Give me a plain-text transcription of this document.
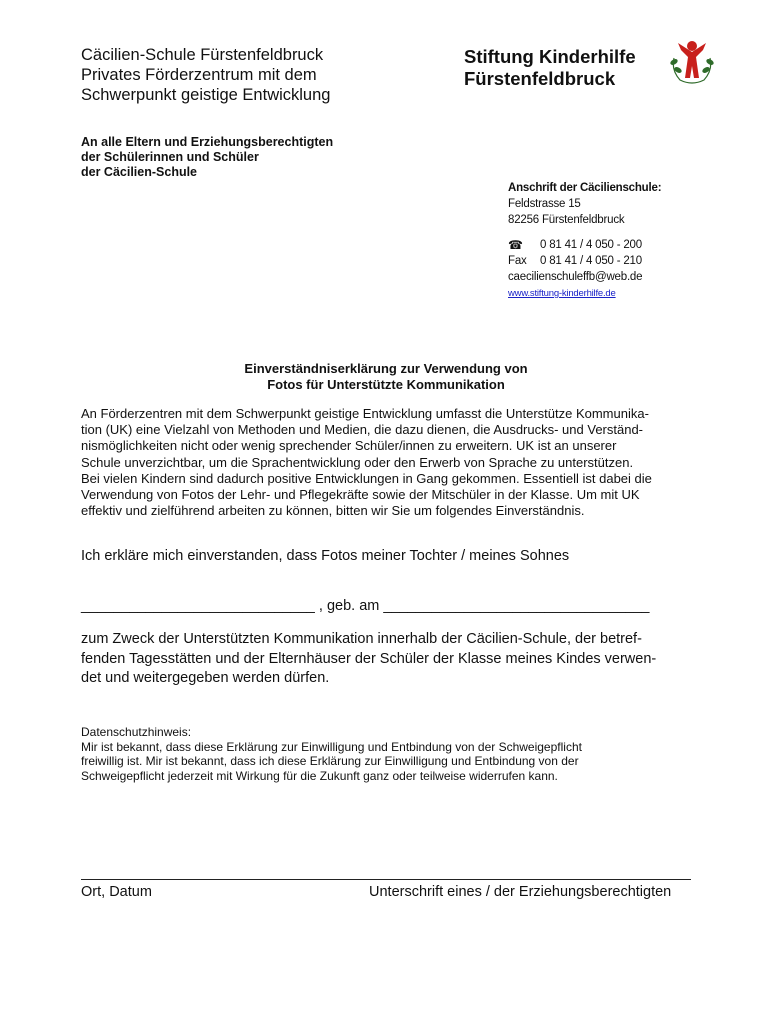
Cäcilien-Schule Fürstenfeldbruck
Privates Förderzentrum mit dem
Schwerpunkt geistige Entwicklung
Stiftung Kinderhilfe
Fürstenfeldbruck
An alle Eltern und Erziehungsberechtigten
der Schülerinnen und Schüler
der Cäcilien-Schule
Anschrift der Cäcilienschule:
Feldstrasse 15
82256 Fürstenfeldbruck
☎	0 81 41 / 4 050 - 200
Fax	0 81 41 / 4 050 - 210
caecilienschuleffb@web.de
www.stiftung-kinderhilfe.de
Einverständniserklärung zur Verwendung von
Fotos für Unterstützte Kommunikation
An Förderzentren mit dem Schwerpunkt geistige Entwicklung umfasst die Unterstütze Kommunika-
tion (UK) eine Vielzahl von Methoden und Medien, die dazu dienen, die Ausdrucks- und Verständ-
nismöglichkeiten nicht oder wenig sprechender Schüler/innen zu erweitern. UK ist an unserer
Schule unverzichtbar, um die Sprachentwicklung oder den Erwerb von Sprache zu unterstützen.
Bei vielen Kindern sind dadurch positive Entwicklungen in Gang gekommen. Essentiell ist dabei die
Verwendung von Fotos der Lehr- und Pflegekräfte sowie der Mitschüler in der Klasse. Um mit UK
effektiv und zielführend arbeiten zu können, bitten wir Sie um folgendes Einverständnis.
Ich erkläre mich einverstanden, dass Fotos meiner Tochter / meines Sohnes
_____________________________ , geb. am _________________________________
zum Zweck der Unterstützten Kommunikation innerhalb der Cäcilien-Schule, der betref-
fenden Tagesstätten und der Elternhäuser der Schüler der Klasse meines Kindes verwen-
det und weitergegeben werden dürfen.
Datenschutzhinweis:
Mir ist bekannt, dass diese Erklärung zur Einwilligung und Entbindung von der Schweigepflicht
freiwillig ist. Mir ist bekannt, dass ich diese Erklärung zur Einwilligung und Entbindung von der
Schweigepflicht jederzeit mit Wirkung für die Zukunft ganz oder teilweise widerrufen kann.
Ort, Datum	Unterschrift eines / der Erziehungsberechtigten
